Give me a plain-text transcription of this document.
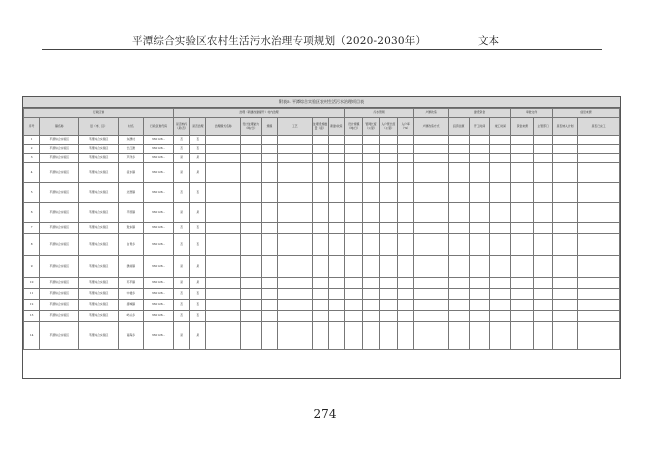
平潭综合实验区农村生活污水治理专项规划（2020-2030年）	文本
附表5. 平潭综合实验区农村生活污水治理项目表
行政区划					治理（新建改建提升）村内治理								污水管网				户厕改造	建设资金			审批文件		信息来源	
序号	镇名称	县（市、区）	村名	行政区划代码	是否纳污（是/否）	是否治理	治理模式名称	设计处理能力（吨/日）	规模	工艺	处理设施数量（座）	新建/改造	设计规模（吨/日）	管网长度（公里）	入户管长度（公里）	入户率（%）	户厕改造方式	投资总额	开工时间	竣工时间	资金来源	主管部门	是否纳入计划	是否已完工
1	平潭综合实验区	平潭综合实验区	东澳村	350128...	否	否																		
2	平潭综合实验区	平潭综合实验区	长江澳	350128...	否	否																		
3	平潭综合实验区	平潭综合实验区	芦洋乡	350128...	是	是																		
4	平潭综合实验区	平潭综合实验区	流水镇	350128...	是	是																		
5	平潭综合实验区	平潭综合实验区	北厝镇	350128...	否	否																		
6	平潭综合实验区	平潭综合实验区	平原镇	350128...	是	是																		
7	平潭综合实验区	平潭综合实验区	敖东镇	350128...	否	否																		
8	平潭综合实验区	平潭综合实验区	白青乡	350128...	否	否																		
9	平潭综合实验区	平潭综合实验区	澳前镇	350128...	是	是																		
10	平潭综合实验区	平潭综合实验区	苏平镇	350128...	是	是																		
11	平潭综合实验区	平潭综合实验区	中楼乡	350128...	否	否																		
12	平潭综合实验区	平潭综合实验区	潭城镇	350128...	否	否																		
13	平潭综合实验区	平潭综合实验区	屿头乡	350128...	否	否																		
14	平潭综合实验区	平潭综合实验区	南海乡	350128...	是	是																		
274
